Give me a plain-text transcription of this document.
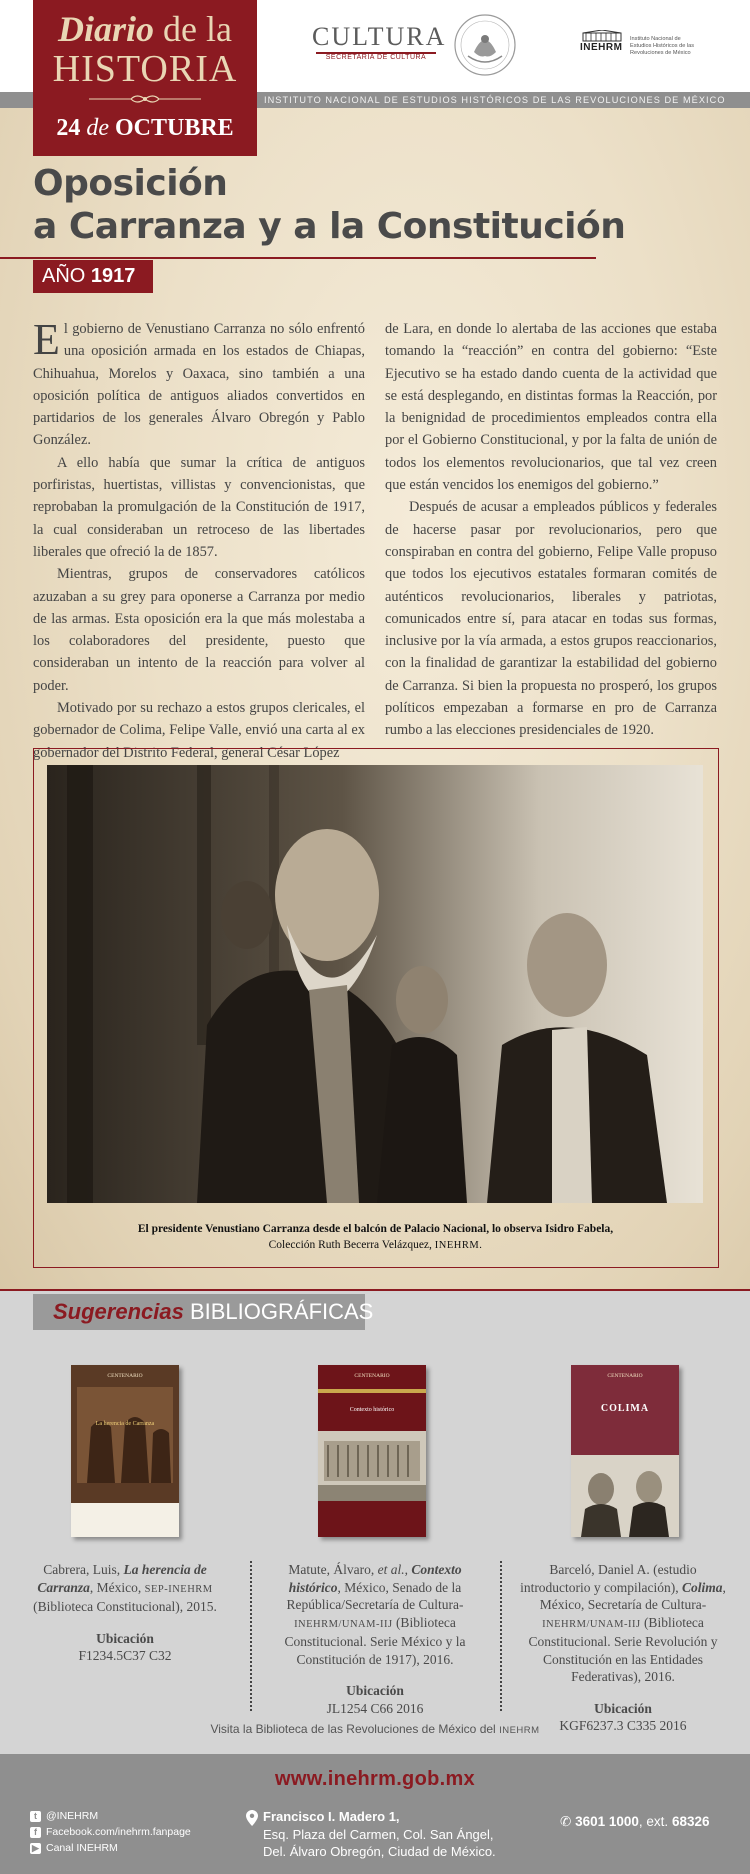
CULTURA
SECRETARÍA DE CULTURA
INEHRM
Instituto Nacional de Estudios Históricos de las Revoluciones de México
INSTITUTO NACIONAL DE ESTUDIOS HISTÓRICOS DE LAS REVOLUCIONES DE MÉXICO
Diario de la
HISTORIA
24 de OCTUBRE
Oposición
a Carranza y a la Constitución
AÑO 1917

El gobierno de Venustiano Carranza no sólo enfrentó una oposición armada en los estados de Chiapas, Chihuahua, Morelos y Oaxaca, sino también a una oposición política de antiguos aliados convertidos en partidarios de los generales Álvaro Obregón y Pablo González.

A ello había que sumar la crítica de antiguos porfiristas, huertistas, villistas y convencionistas, que reprobaban la promulgación de la Constitución de 1917, la cual consideraban un retroceso de las libertades liberales que ofreció la de 1857.

Mientras, grupos de conservadores católicos azuzaban a su grey para oponerse a Carranza por medio de las armas. Esta oposición era la que más molestaba a los colaboradores del presidente, puesto que consideraban un intento de la reacción para volver al poder.

Motivado por su rechazo a estos grupos clericales, el gobernador de Colima, Felipe Valle, envió una carta al ex gobernador del Distrito Federal, general César López

de Lara, en donde lo alertaba de las acciones que estaba tomando la “reacción” en contra del gobierno: “Este Ejecutivo se ha estado dando cuenta de la actividad que se está desplegando, en distintas formas la Reacción, por la benignidad de procedimientos empleados contra ella por el Gobierno Constitucional, y por la falta de unión de todos los elementos revolucionarios, que tal vez creen que están vencidos los enemigos del gobierno.”

Después de acusar a empleados públicos y federales de hacerse pasar por revolucionarios, pero que conspiraban en contra del gobierno, Felipe Valle propuso que todos los ejecutivos estatales formaran comités de auténticos revolucionarios, liberales y patriotas, comunicados entre sí, para atacar en todas sus formas, inclusive por la vía armada, a estos grupos reaccionarios, con la finalidad de garantizar la estabilidad del gobierno de Carranza. Si bien la propuesta no prosperó, los grupos políticos empezaban a formarse en pro de Carranza rumbo a las elecciones presidenciales de 1920.

El presidente Venustiano Carranza desde el balcón de Palacio Nacional, lo observa Isidro Fabela,
Colección Ruth Becerra Velázquez, INEHRM.
Sugerencias BIBLIOGRÁFICAS
CENTENARIO
La herencia de Carranza
CENTENARIO
Contexto histórico
CENTENARIO
COLIMA
Cabrera, Luis, La herencia de Carranza, México, SEP-INEHRM (Biblioteca Constitucional), 2015.
Ubicación
F1234.5C37 C32
Matute, Álvaro, et al., Contexto histórico, México, Senado de la República/Secretaría de Cultura-INEHRM/UNAM-IIJ (Biblioteca Constitucional. Serie México y la Constitución de 1917), 2016.
Ubicación
JL1254 C66 2016
Barceló, Daniel A. (estudio introductorio y compilación), Colima, México, Secretaría de Cultura-INEHRM/UNAM-IIJ (Biblioteca Constitucional. Serie Revolución y Constitución en las Entidades Federativas), 2016.
Ubicación
KGF6237.3 C335 2016
Visita la Biblioteca de las Revoluciones de México del INEHRM
www.inehrm.gob.mx
t @INEHRM
f Facebook.com/inehrm.fanpage
▶ Canal INEHRM
Francisco I. Madero 1,
Esq. Plaza del Carmen, Col. San Ángel,
Del. Álvaro Obregón, Ciudad de México.
✆ 3601 1000, ext. 68326
